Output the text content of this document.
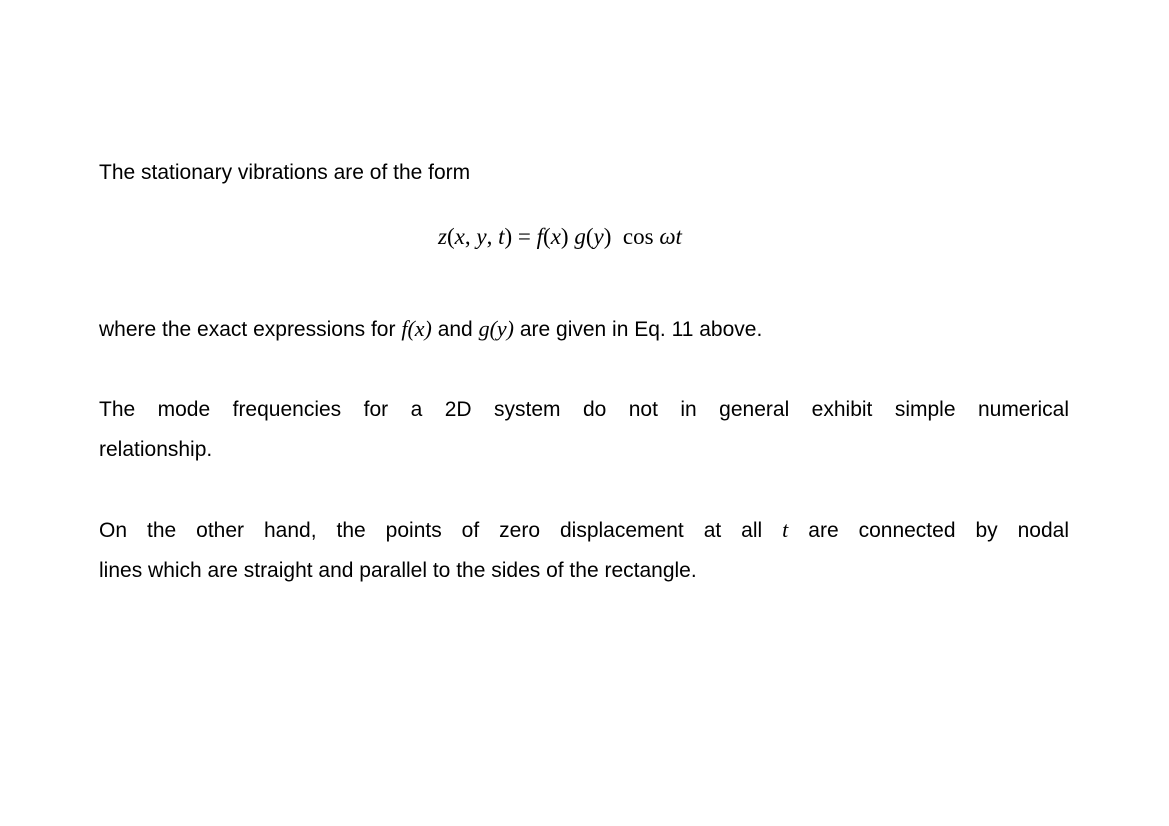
The stationary vibrations are of the form

z(x, y, t) = f(x) g(y)  cos ωt

where the exact expressions for f(x) and g(y) are given in Eq. 11 above.

The mode frequencies for a 2D system do not in general exhibit simple numerical
relationship.

On the other hand, the points of zero displacement at all t are connected by nodal
lines which are straight and parallel to the sides of the rectangle.
